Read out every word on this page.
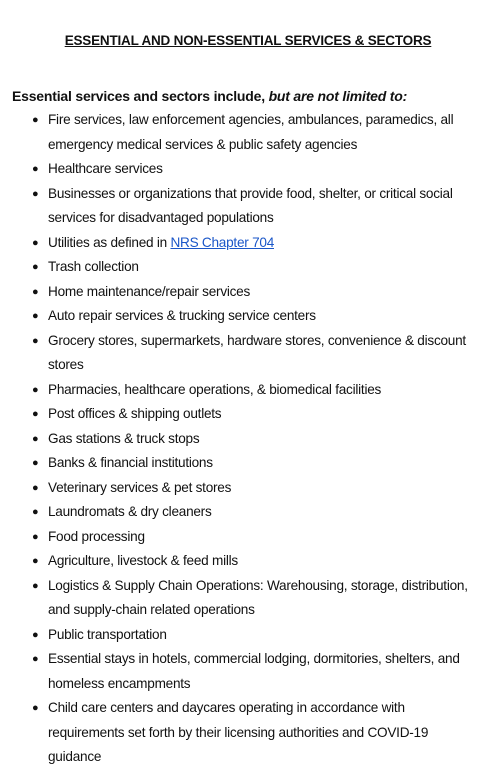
ESSENTIAL AND NON-ESSENTIAL SERVICES & SECTORS
Essential services and sectors include, but are not limited to:
● Fire services, law enforcement agencies, ambulances, paramedics, all emergency medical services & public safety agencies
● Healthcare services
● Businesses or organizations that provide food, shelter, or critical social services for disadvantaged populations
● Utilities as defined in NRS Chapter 704
● Trash collection
● Home maintenance/repair services
● Auto repair services & trucking service centers
● Grocery stores, supermarkets, hardware stores, convenience & discount stores
● Pharmacies, healthcare operations, & biomedical facilities
● Post offices & shipping outlets
● Gas stations & truck stops
● Banks & financial institutions
● Veterinary services & pet stores
● Laundromats & dry cleaners
● Food processing
● Agriculture, livestock & feed mills
● Logistics & Supply Chain Operations: Warehousing, storage, distribution, and supply-chain related operations
● Public transportation
● Essential stays in hotels, commercial lodging, dormitories, shelters, and homeless encampments
● Child care centers and daycares operating in accordance with requirements set forth by their licensing authorities and COVID-19 guidance
